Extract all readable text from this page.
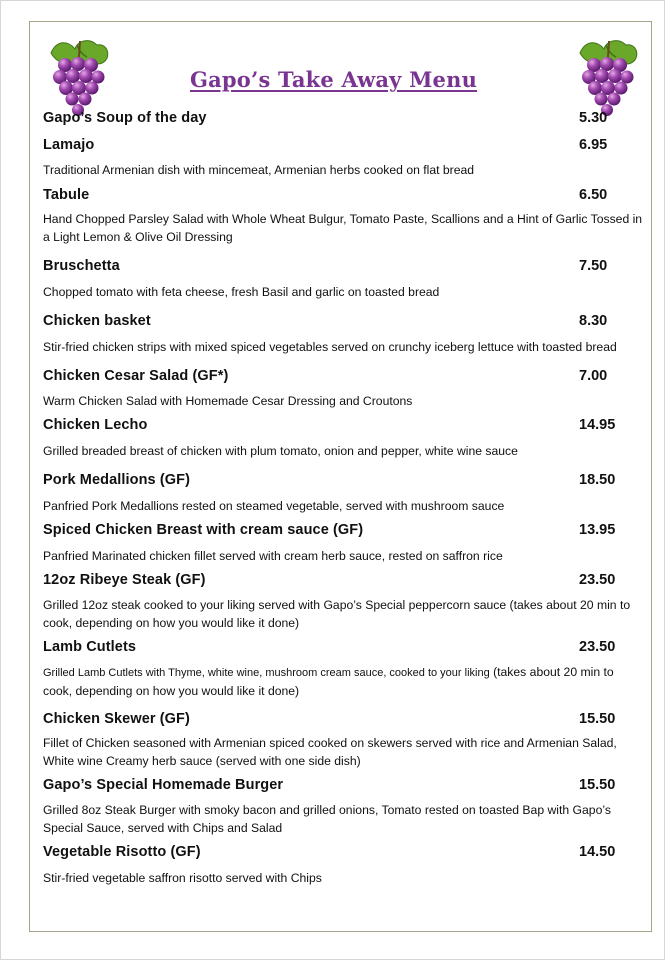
Gapo’s Take Away Menu
Gapo’s Soup of the day	5.30
Lamajo	6.95
Traditional Armenian dish with mincemeat, Armenian herbs cooked on flat bread
Tabule	6.50
Hand Chopped Parsley Salad with Whole Wheat Bulgur, Tomato Paste, Scallions and a Hint of Garlic Tossed in a Light Lemon & Olive Oil Dressing
Bruschetta	7.50
Chopped tomato with feta cheese, fresh Basil and garlic on toasted bread
Chicken basket	8.30
Stir-fried chicken strips with mixed spiced vegetables served on crunchy iceberg lettuce with toasted bread
Chicken Cesar Salad (GF*)	7.00
Warm Chicken Salad with Homemade Cesar Dressing and Croutons
Chicken Lecho	14.95
Grilled breaded breast of chicken with plum tomato, onion and pepper, white wine sauce
Pork Medallions (GF)	18.50
Panfried Pork Medallions rested on steamed vegetable, served with mushroom sauce
Spiced Chicken Breast with cream sauce (GF)	13.95
Panfried Marinated chicken fillet served with cream herb sauce, rested on saffron rice
12oz Ribeye Steak (GF)	23.50
Grilled 12oz steak cooked to your liking served with Gapo’s Special peppercorn sauce (takes about 20 min to cook, depending on how you would like it done)
Lamb Cutlets	23.50
Grilled Lamb Cutlets with Thyme, white wine, mushroom cream sauce, cooked to your liking (takes about 20 min to cook, depending on how you would like it done)
Chicken Skewer (GF)	15.50
Fillet of Chicken seasoned with Armenian spiced cooked on skewers served with rice and Armenian Salad, White wine Creamy herb sauce (served with one side dish)
Gapo’s Special Homemade Burger	15.50
Grilled 8oz Steak Burger with smoky bacon and grilled onions, Tomato rested on toasted Bap with Gapo’s Special Sauce, served with Chips and Salad
Vegetable Risotto (GF)	14.50
Stir-fried vegetable saffron risotto served with Chips
